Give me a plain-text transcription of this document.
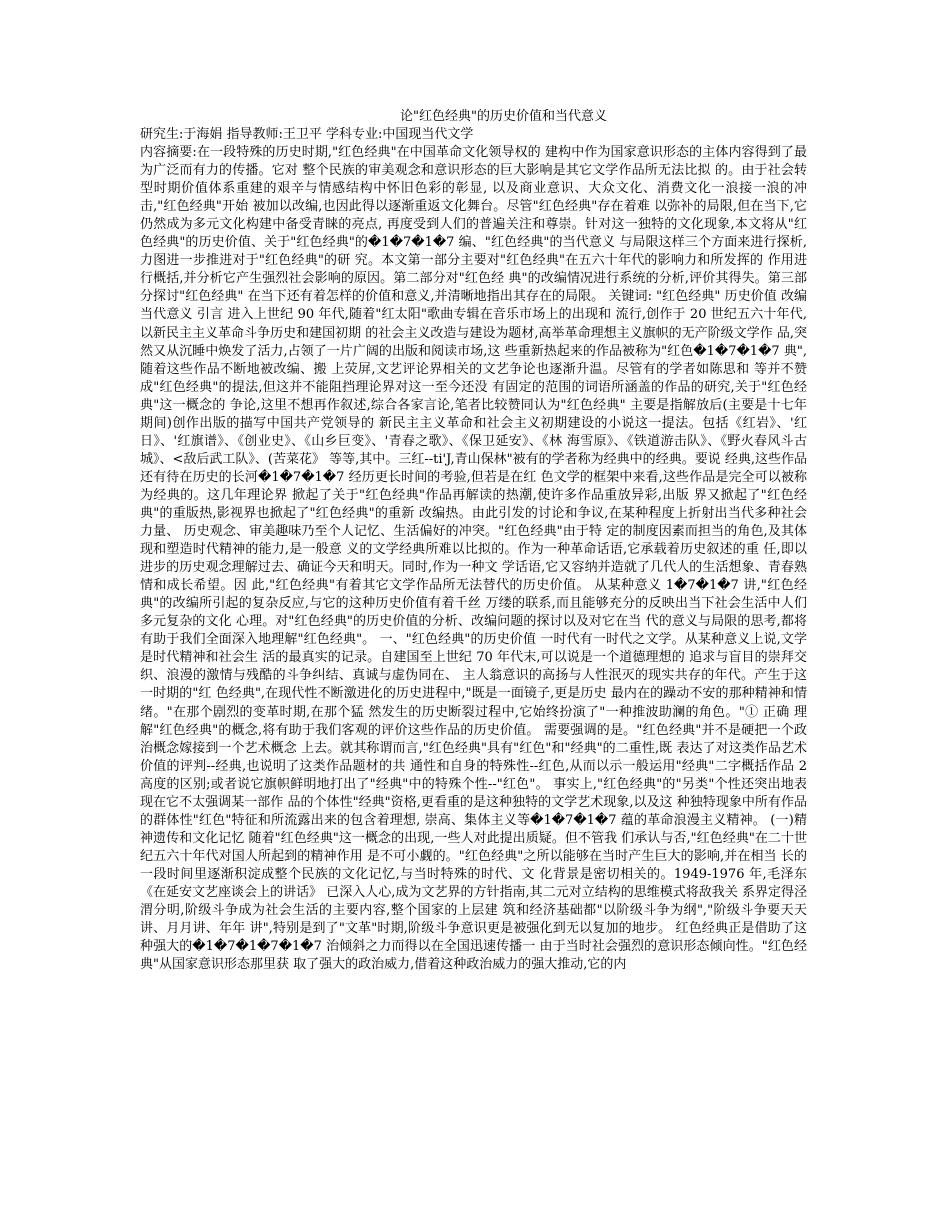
论"红色经典"的历史价值和当代意义
研究生:于海娟 指导教师:王卫平 学科专业:中国现当代文学
内容摘要:在一段特殊的历史时期,"红色经典"在中国革命文化领导权的 建构中作为国家意识形态的主体内容得到了最为广泛而有力的传播。它对 整个民族的审美观念和意识形态的巨大影响是其它文学作品所无法比拟 的。由于社会转型时期价值体系重建的艰辛与情感结构中怀旧色彩的彰显, 以及商业意识、大众文化、消费文化一浪接一浪的冲击,"红色经典"开始 被加以改编,也因此得以逐渐重返文化舞台。尽管"红色经典"存在着难 以弥补的局限,但在当下,它仍然成为多元文化构建中备受青睐的亮点, 再度受到人们的普遍关注和尊崇。针对这一独特的文化现象,本文将从"红 色经典"的历史价值、关于"红色经典"的�1�7�1�7 编、"红色经典"的当代意义 与局限这样三个方面来进行探析,力图进一步推进对于"红色经典"的研 究。本文第一部分主要对"红色经典"在五六十年代的影响力和所发挥的 作用进行概括,并分析它产生强烈社会影响的原因。第二部分对"红色经 典"的改编情况进行系统的分析,评价其得失。第三部分探讨"红色经典" 在当下还有着怎样的价值和意义,并清晰地指出其存在的局限。 关键词: "红色经典" 历史价值 改编 当代意义 引言 进入上世纪 90 年代,随着"红太阳"歌曲专辑在音乐市场上的出现和 流行,创作于 20 世纪五六十年代,以新民主主义革命斗争历史和建国初期 的社会主义改造与建设为题材,高举革命理想主义旗帜的无产阶级文学作 品,突然又从沉睡中焕发了活力,占领了一片广阔的出版和阅读市场,这 些重新热起来的作品被称为"红色�1�7�1�7 典",随着这些作品不断地被改编、搬 上荧屏,文艺评论界相关的文艺争论也逐渐升温。尽管有的学者如陈思和 等并不赞成"红色经典"的提法,但这并不能阻挡理论界对这一至今还没 有固定的范围的词语所涵盖的作品的研究,关于"红色经典"这一概念的 争论,这里不想再作叙述,综合各家言论,笔者比较赞同认为"红色经典" 主要是指解放后(主要是十七年期间)创作出版的描写中国共产党领导的 新民主主义革命和社会主义初期建设的小说这一提法。包括《红岩》、'红 日》、'红旗谱》、《创业史》、《山乡巨变》、'青春之歌》、《保卫延安》、《林 海雪原》、《铁道游击队》、《野火春风斗古城》、<敌后武工队》、(苦菜花》 等等,其中。三红--ti'J,青山保林"被有的学者称为经典中的经典。要说 经典,这些作品还有待在历史的长河�1�7�1�7 经历更长时间的考验,但若是在红 色文学的框架中来看,这些作品是完全可以被称为经典的。这几年理论界 掀起了关于"红色经典"作品再解读的热潮,使许多作品重放异彩,出版 界又掀起了"红色经典"的重版热,影视界也掀起了"红色经典"的重新 改编热。由此引发的讨论和争议,在某种程度上折射出当代多种社会力量、 历史观念、审美趣味乃至个人记忆、生活偏好的冲突。"红色经典"由于特 定的制度因素而担当的角色,及其体现和塑造时代精神的能力,是一般意 义的文学经典所难以比拟的。作为一种革命话语,它承载着历史叙述的重 任,即以进步的历史观念理解过去、确证今天和明天。同时,作为一种文 学话语,它又容纳并造就了几代人的生活想象、青春熟情和成长希望。因 此,"红色经典"有着其它文学作品所无法替代的历史价值。 从某种意义 1�7�1�7 讲,"红色经典"的改编所引起的复杂反应,与它的这种历史价值有着千丝 万缕的联系,而且能够充分的反映出当下社会生活中人们多元复杂的文化 心理。对"红色经典"的历史价值的分析、改编问题的探讨以及对它在当 代的意义与局限的思考,都将有助于我们全面深入地理解"红色经典"。 一、"红色经典"的历史价值 一时代有一时代之文学。从某种意义上说,文学是时代精神和社会生 活的最真实的记录。自建国至上世纪 70 年代末,可以说是一个道德理想的 追求与盲目的崇拜交织、浪漫的激情与残酷的斗争纠结、真诚与虚伪同在、 主人翁意识的高扬与人性泯灭的现实共存的年代。产生于这一时期的"红 色经典",在现代性不断激进化的历史进程中,"既是一面镜子,更是历史 最内在的躁动不安的那种精神和情绪。"在那个剧烈的变革时期,在那个猛 然发生的历史断裂过程中,它始终扮演了"一种推波助澜的角色。"① 正确 理解"红色经典"的概念,将有助于我们客观的评价这些作品的历史价值。 需要强调的是。"红色经典"并不是硬把一个政治概念嫁接到一个艺术概念 上去。就其称谓而言,"红色经典"具有"红色"和"经典"的二重性,既 表达了对这类作品艺术价值的评判--经典,也说明了这类作品题材的共 通性和自身的特殊性--红色,从而以示一般运用"经典"二字概括作品 2 高度的区别;或者说它旗帜鲜明地打出了"经典"中的特殊个性--"红色"。 事实上,"红色经典"的"另类"个性还突出地表现在它不太强调某一部作 品的个体性"经典"资格,更看重的是这种独特的文学艺术现象,以及这 种独特现象中所有作品的群体性"红色"特征和所流露出来的包含着理想, 崇高、集体主义等�1�7�1�7 蕴的革命浪漫主义精神。 (一)精神遗传和文化记忆 随着"红色经典"这一概念的出现,一些人对此提出质疑。但不管我 们承认与否,"红色经典"在二十世纪五六十年代对国人所起到的精神作用 是不可小觑的。"红色经典"之所以能够在当时产生巨大的影响,并在相当 长的一段时间里逐渐积淀成整个民族的文化记忆,与当时特殊的时代、文 化背景是密切相关的。1949-1976 年,毛泽东《在延安文艺座谈会上的讲话》 已深入人心,成为文艺界的方针指南,其二元对立结构的思维模式将敌我关 系界定得泾渭分明,阶级斗争成为社会生活的主要内容,整个国家的上层建 筑和经济基础都"以阶级斗争为纲","阶级斗争要天天讲、月月讲、年年 讲",特别是到了"文革"时期,阶级斗争意识更是被强化到无以复加的地步。 红色经典正是借助了这种强大的�1�7�1�7�1�7 治倾斜之力而得以在全国迅速传播一 由于当时社会强烈的意识形态倾向性。"红色经典"从国家意识形态那里获 取了强大的政治威力,借着这种政治威力的强大推动,它的内
